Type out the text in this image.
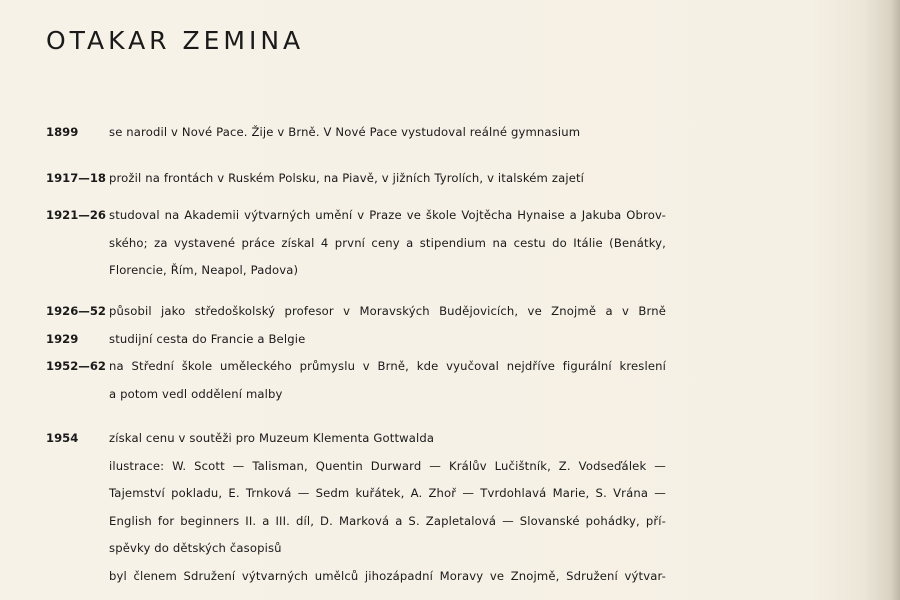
OTAKAR ZEMINA
1899	se narodil v Nové Pace. Žije v Brně. V Nové Pace vystudoval reálné gymnasium
1917—18 prožil na frontách v Ruském Polsku, na Piavě, v jižních Tyrolích, v italském zajetí
1921—26 studoval na Akademii výtvarných umění v Praze ve škole Vojtěcha Hynaise a Jakuba Obrov-
ského; za vystavené práce získal 4 první ceny a stipendium na cestu do Itálie (Benátky,
Florencie, Řím, Neapol, Padova)
1926—52 působil jako středoškolský profesor v Moravských Budějovicích, ve Znojmě a v Brně
1929	studijní cesta do Francie a Belgie
1952—62 na Střední škole uměleckého průmyslu v Brně, kde vyučoval nejdříve figurální kreslení
a potom vedl oddělení malby
1954	získal cenu v soutěži pro Muzeum Klementa Gottwalda
ilustrace: W. Scott — Talisman, Quentin Durward — Králův Lučištník, Z. Vodseďálek —
Tajemství pokladu, E. Trnková — Sedm kuřátek, A. Zhoř — Tvrdohlavá Marie, S. Vrána —
English for beginners II. a III. díl, D. Marková a S. Zapletalová — Slovanské pohádky, pří-
spěvky do dětských časopisů
byl členem Sdružení výtvarných umělců jihozápadní Moravy ve Znojmě, Sdružení výtvar-
